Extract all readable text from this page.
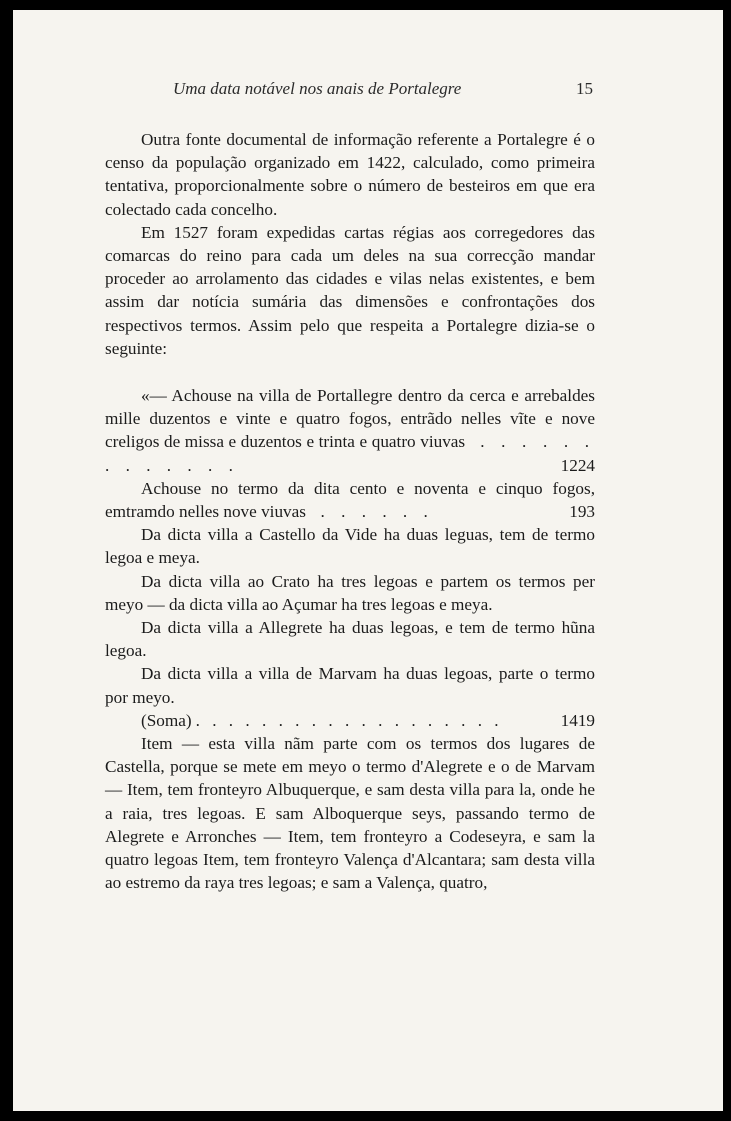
Uma data notável nos anais de Portalegre	15

Outra fonte documental de informação referente a Portalegre é o censo da população organizado em 1422, calculado, como primeira tentativa, proporcionalmente sobre o número de besteiros em que era colectado cada concelho.

Em 1527 foram expedidas cartas régias aos corregedores das comarcas do reino para cada um deles na sua correcção mandar proceder ao arrolamento das cidades e vilas nelas existentes, e bem assim dar notícia sumária das dimensões e confrontações dos respectivos termos. Assim pelo que respeita a Portalegre dizia-se o seguinte:

«— Achouse na villa de Portallegre dentro da cerca e arrebaldes mille duzentos e vinte e quatro fogos, entrãdo nelles vĩte e nove creligos de missa e duzentos e trinta e quatro viuvas  . . . . . . . . . . . . .	1224

Achouse no termo da dita cento e noventa e cinquo fogos, emtramdo nelles nove viuvas  . . . . . .	193

Da dicta villa a Castello da Vide ha duas leguas, tem de termo legoa e meya.

Da dicta villa ao Crato ha tres legoas e partem os termos per meyo — da dicta villa ao Açumar ha tres legoas e meya.

Da dicta villa a Allegrete ha duas legoas, e tem de termo hũna legoa.

Da dicta villa a villa de Marvam ha duas legoas, parte o termo por meyo.

(Soma) . . . . . . . . . . . . . . . . . . .	1419

Item — esta villa nãm parte com os termos dos lugares de Castella, porque se mete em meyo o termo d'Alegrete e o de Marvam — Item, tem fronteyro Albuquerque, e sam desta villa para la, onde he a raia, tres legoas. E sam Alboquerque seys, passando termo de Alegrete e Arronches — Item, tem fronteyro a Codeseyra, e sam la quatro legoas Item, tem fronteyro Valença d'Alcantara; sam desta villa ao estremo da raya tres legoas; e sam a Valença, quatro,
